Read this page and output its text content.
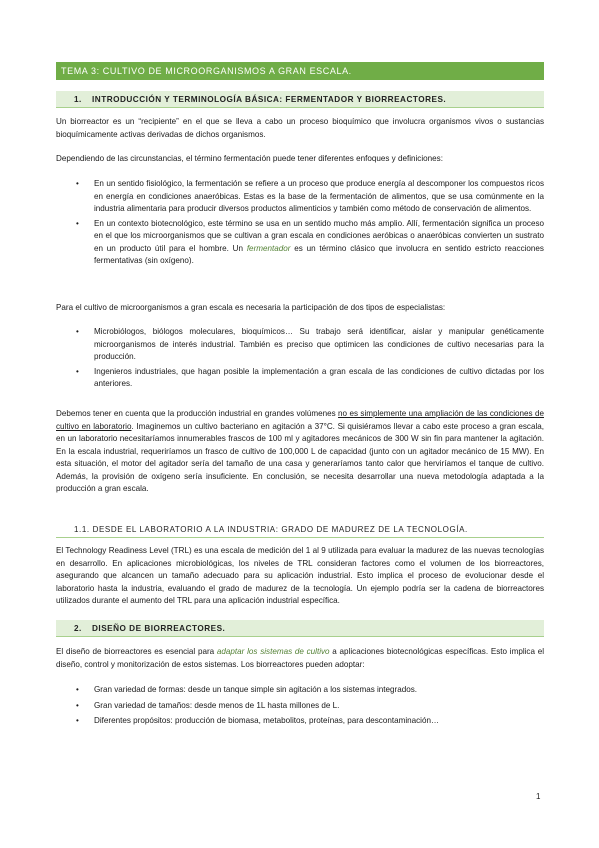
TEMA 3: CULTIVO DE MICROORGANISMOS A GRAN ESCALA.
1. INTRODUCCIÓN Y TERMINOLOGÍA BÁSICA: FERMENTADOR Y BIORREACTORES.

Un biorreactor es un “recipiente” en el que se lleva a cabo un proceso bioquímico que involucra organismos vivos o sustancias bioquímicamente activas derivadas de dichos organismos.

Dependiendo de las circunstancias, el término fermentación puede tener diferentes enfoques y definiciones:

• En un sentido fisiológico, la fermentación se refiere a un proceso que produce energía al descomponer los compuestos ricos en energía en condiciones anaeróbicas. Estas es la base de la fermentación de alimentos, que se usa comúnmente en la industria alimentaria para producir diversos productos alimenticios y también como método de conservación de alimentos.
• En un contexto biotecnológico, este término se usa en un sentido mucho más amplio. Allí, fermentación significa un proceso en el que los microorganismos que se cultivan a gran escala en condiciones aeróbicas o anaeróbicas convierten un sustrato en un producto útil para el hombre. Un fermentador es un término clásico que involucra en sentido estricto reacciones fermentativas (sin oxígeno).

Para el cultivo de microorganismos a gran escala es necesaria la participación de dos tipos de especialistas:

• Microbiólogos, biólogos moleculares, bioquímicos… Su trabajo será identificar, aislar y manipular genéticamente microorganismos de interés industrial. También es preciso que optimicen las condiciones de cultivo necesarias para la producción.
• Ingenieros industriales, que hagan posible la implementación a gran escala de las condiciones de cultivo dictadas por los anteriores.

Debemos tener en cuenta que la producción industrial en grandes volúmenes no es simplemente una ampliación de las condiciones de cultivo en laboratorio. Imaginemos un cultivo bacteriano en agitación a 37°C. Si quisiéramos llevar a cabo este proceso a gran escala, en un laboratorio necesitaríamos innumerables frascos de 100 ml y agitadores mecánicos de 300 W sin fin para mantener la agitación. En la escala industrial, requeriríamos un frasco de cultivo de 100,000 L de capacidad (junto con un agitador mecánico de 15 MW). En esta situación, el motor del agitador sería del tamaño de una casa y generaríamos tanto calor que herviríamos el tanque de cultivo. Además, la provisión de oxígeno sería insuficiente. En conclusión, se necesita desarrollar una nueva metodología adaptada a la producción a gran escala.

1.1. DESDE EL LABORATORIO A LA INDUSTRIA: GRADO DE MADUREZ DE LA TECNOLOGÍA.

El Technology Readiness Level (TRL) es una escala de medición del 1 al 9 utilizada para evaluar la madurez de las nuevas tecnologías en desarrollo. En aplicaciones microbiológicas, los niveles de TRL consideran factores como el volumen de los biorreactores, asegurando que alcancen un tamaño adecuado para su aplicación industrial. Esto implica el proceso de evolucionar desde el laboratorio hasta la industria, evaluando el grado de madurez de la tecnología. Un ejemplo podría ser la cadena de biorreactores utilizados durante el aumento del TRL para una aplicación industrial específica.

2. DISEÑO DE BIORREACTORES.

El diseño de biorreactores es esencial para adaptar los sistemas de cultivo a aplicaciones biotecnológicas específicas. Esto implica el diseño, control y monitorización de estos sistemas. Los biorreactores pueden adoptar:

• Gran variedad de formas: desde un tanque simple sin agitación a los sistemas integrados.
• Gran variedad de tamaños: desde menos de 1L hasta millones de L.
• Diferentes propósitos: producción de biomasa, metabolitos, proteínas, para descontaminación…
1
